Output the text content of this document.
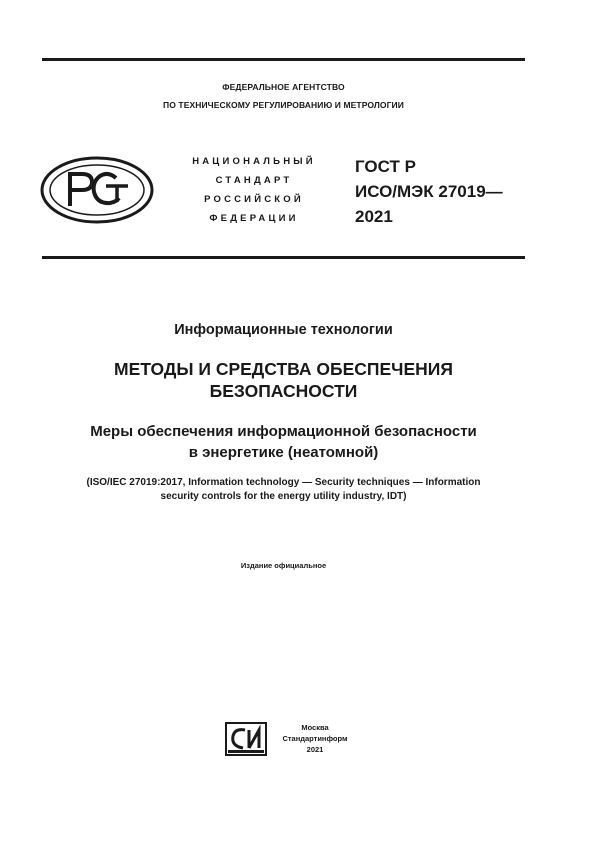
ФЕДЕРАЛЬНОЕ АГЕНТСТВО
ПО ТЕХНИЧЕСКОМУ РЕГУЛИРОВАНИЮ И МЕТРОЛОГИИ
НАЦИОНАЛЬНЫЙ
СТАНДАРТ
РОССИЙСКОЙ
ФЕДЕРАЦИИ
ГОСТ Р
ИСО/МЭК 27019—
2021
Информационные технологии
МЕТОДЫ И СРЕДСТВА ОБЕСПЕЧЕНИЯ
БЕЗОПАСНОСТИ
Меры обеспечения информационной безопасности
в энергетике (неатомной)
(ISO/IEC 27019:2017, Information technology — Security techniques — Information
security controls for the energy utility industry, IDT)
Издание официальное
Москва
Стандартинформ
2021
